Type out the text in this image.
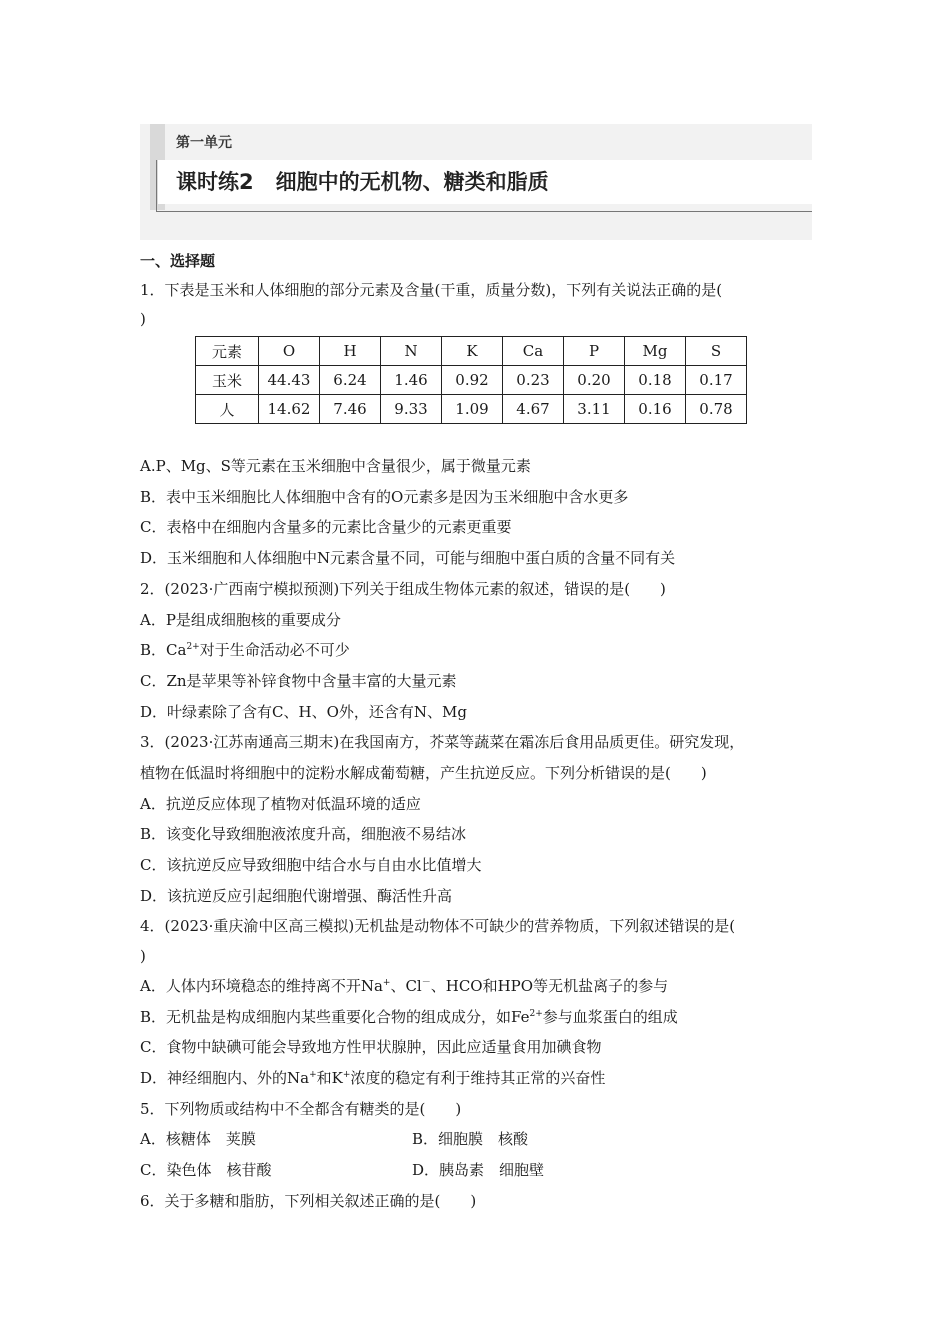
第一单元
课时练2 细胞中的无机物、糖类和脂质
一、选择题
1．下表是玉米和人体细胞的部分元素及含量(干重，质量分数)，下列有关说法正确的是(
)
元素	O	H	N	K	Ca	P	Mg	S
玉米	44.43	6.24	1.46	0.92	0.23	0.20	0.18	0.17
人	14.62	7.46	9.33	1.09	4.67	3.11	0.16	0.78
A.P、Mg、S等元素在玉米细胞中含量很少，属于微量元素
B．表中玉米细胞比人体细胞中含有的O元素多是因为玉米细胞中含水更多
C．表格中在细胞内含量多的元素比含量少的元素更重要
D．玉米细胞和人体细胞中N元素含量不同，可能与细胞中蛋白质的含量不同有关
2．(2023·广西南宁模拟预测)下列关于组成生物体元素的叙述，错误的是(　　)
A．P是组成细胞核的重要成分
B．$Ca^{2+}$对于生命活动必不可少
C．Zn是苹果等补锌食物中含量丰富的大量元素
D．叶绿素除了含有C、H、O外，还含有N、Mg
3．(2023·江苏南通高三期末)在我国南方，芥菜等蔬菜在霜冻后食用品质更佳。研究发现，
植物在低温时将细胞中的淀粉水解成葡萄糖，产生抗逆反应。下列分析错误的是(　　)
A．抗逆反应体现了植物对低温环境的适应
B．该变化导致细胞液浓度升高，细胞液不易结冰
C．该抗逆反应导致细胞中结合水与自由水比值增大
D．该抗逆反应引起细胞代谢增强、酶活性升高
4．(2023·重庆渝中区高三模拟)无机盐是动物体不可缺少的营养物质，下列叙述错误的是(
)
A．人体内环境稳态的维持离不开Na+、Cl－、HCO和HPO等无机盐离子的参与
B．无机盐是构成细胞内某些重要化合物的组成成分，如$Fe^{2+}$参与血浆蛋白的组成
C．食物中缺碘可能会导致地方性甲状腺肿，因此应适量食用加碘食物
D．神经细胞内、外的Na+和K+浓度的稳定有利于维持其正常的兴奋性
5．下列物质或结构中不全都含有糖类的是(　　)
A．核糖体　荚膜	B．细胞膜　核酸
C．染色体　核苷酸	D．胰岛素　细胞壁
6．关于多糖和脂肪，下列相关叙述正确的是(　　)
